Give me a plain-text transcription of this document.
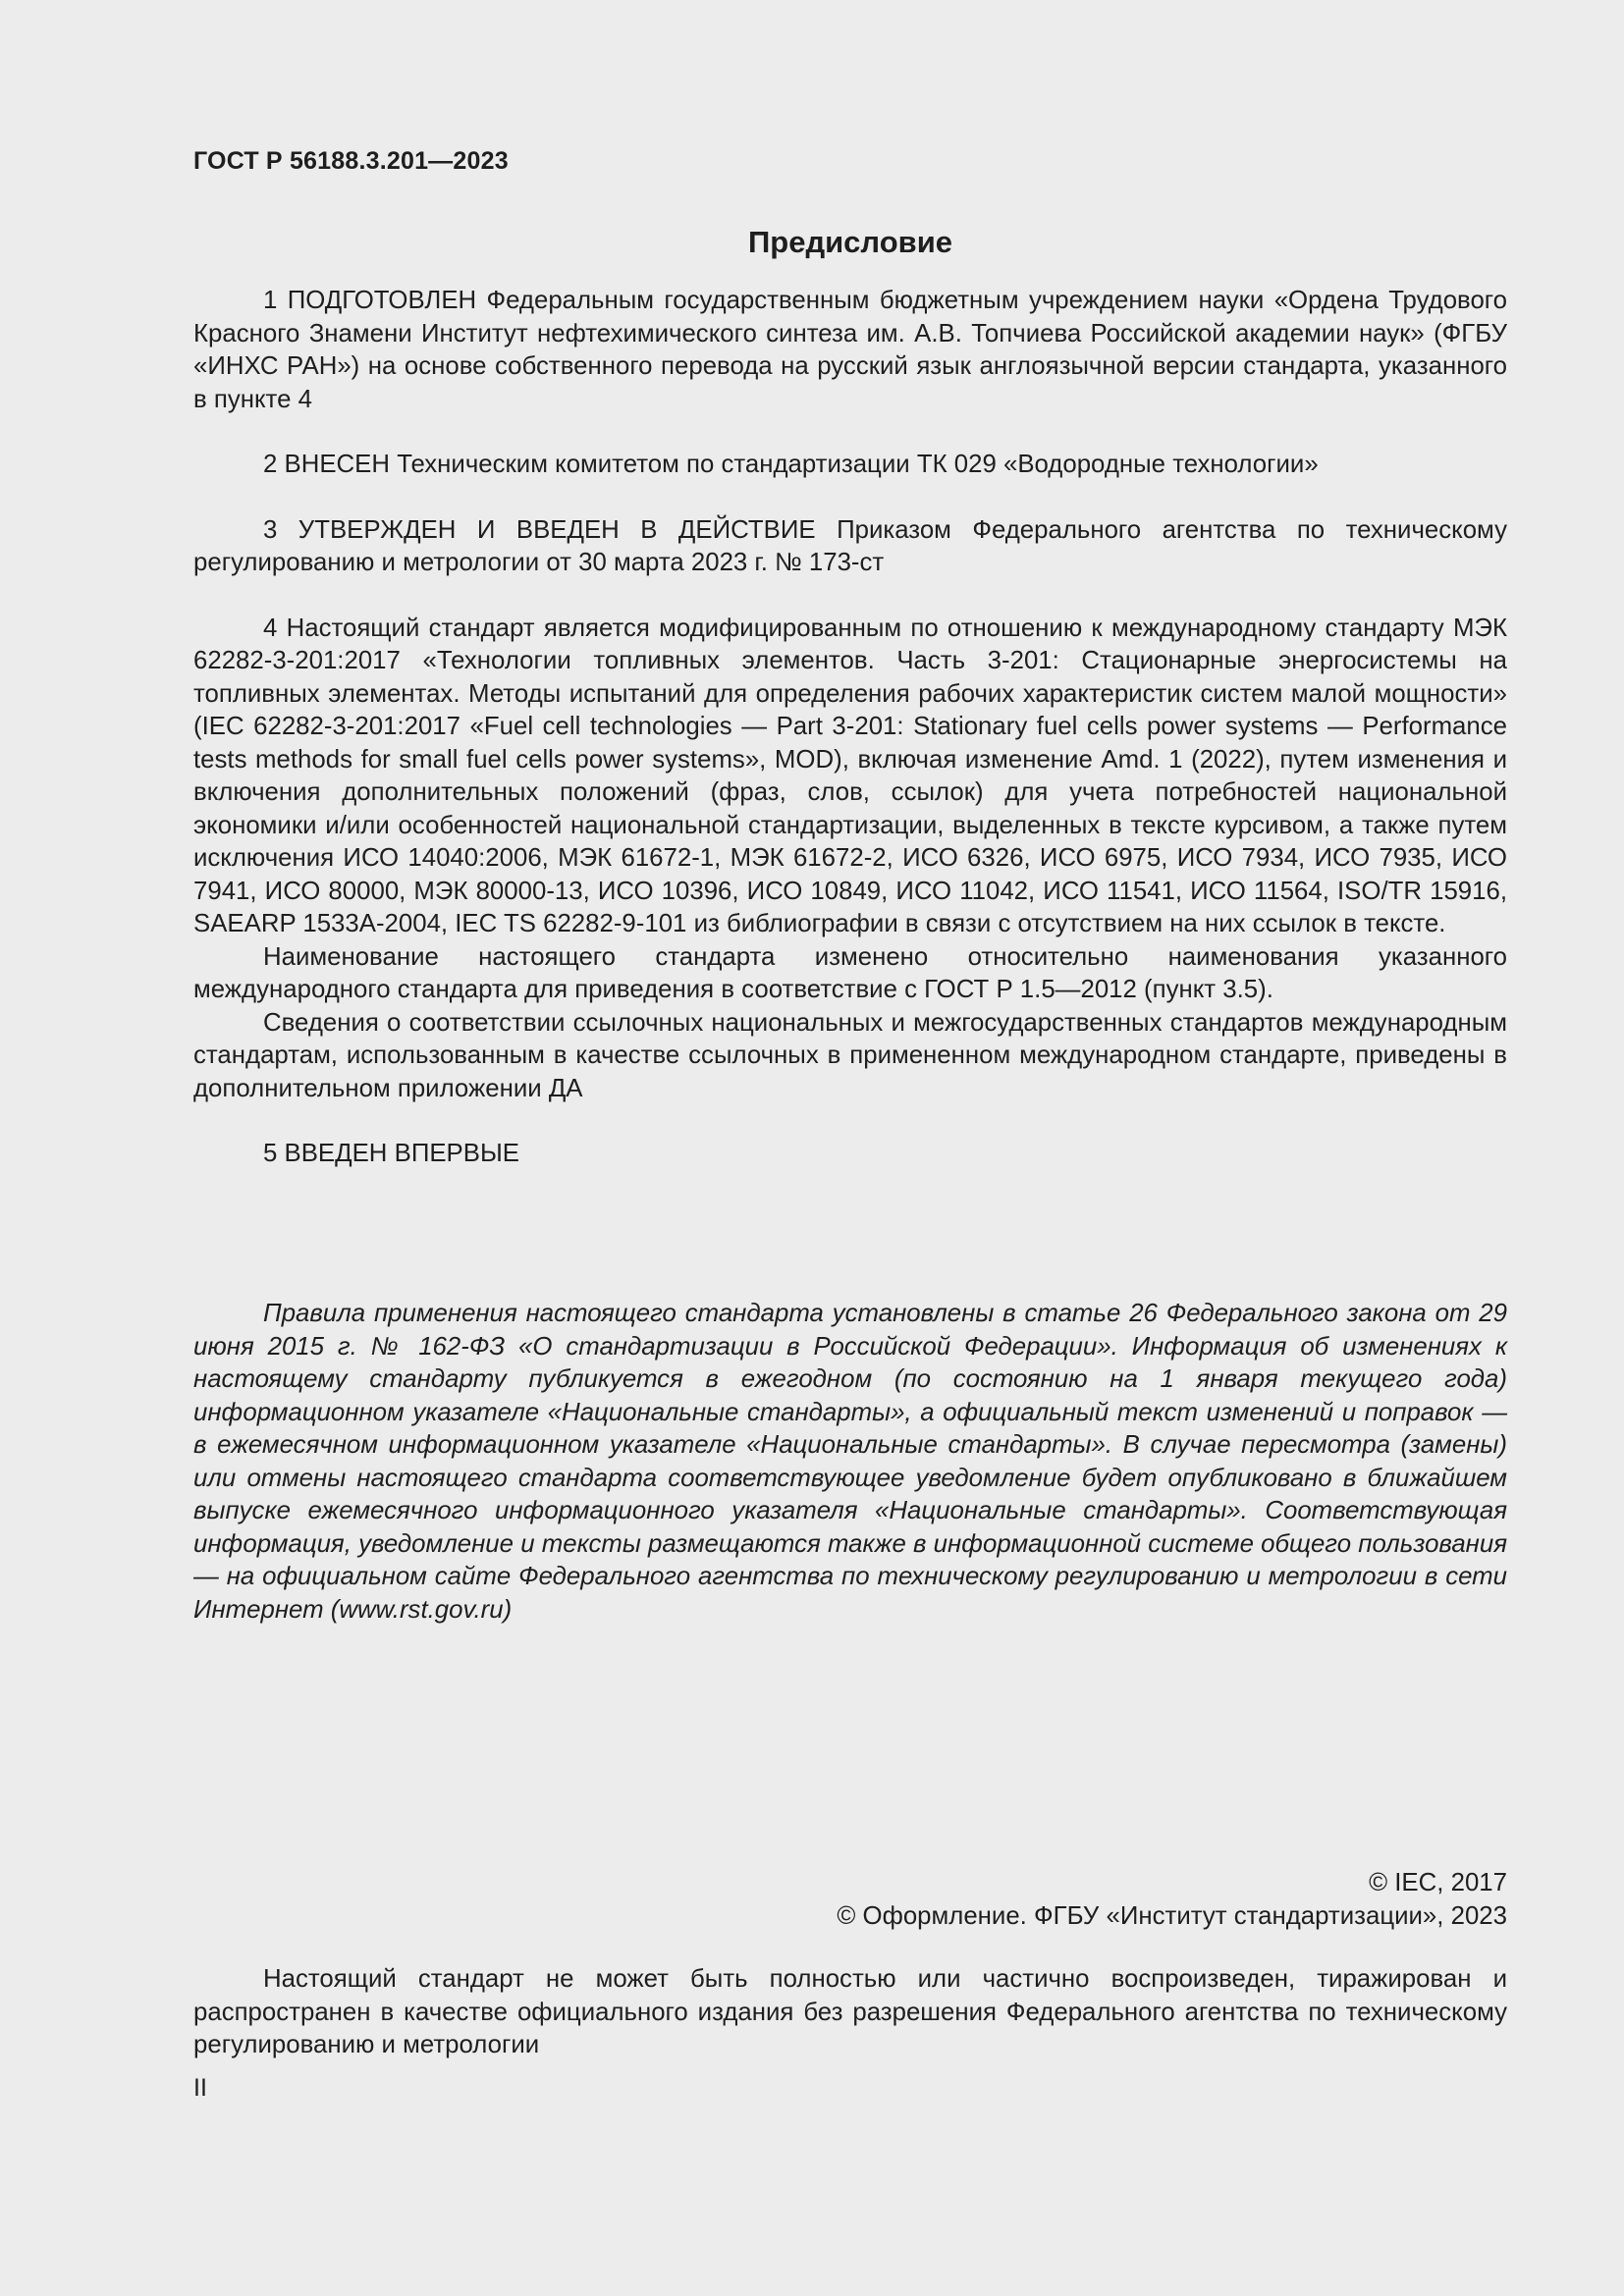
ГОСТ Р 56188.3.201—2023
Предисловие

1 ПОДГОТОВЛЕН Федеральным государственным бюджетным учреждением науки «Ордена Трудового Красного Знамени Институт нефтехимического синтеза им. А.В. Топчиева Российской академии наук» (ФГБУ «ИНХС РАН») на основе собственного перевода на русский язык англоязычной версии стандарта, указанного в пункте 4

2 ВНЕСЕН Техническим комитетом по стандартизации ТК 029 «Водородные технологии»

3 УТВЕРЖДЕН И ВВЕДЕН В ДЕЙСТВИЕ Приказом Федерального агентства по техническому регулированию и метрологии от 30 марта 2023 г. № 173-ст

4 Настоящий стандарт является модифицированным по отношению к международному стандарту МЭК 62282-3-201:2017 «Технологии топливных элементов. Часть 3-201: Стационарные энергосистемы на топливных элементах. Методы испытаний для определения рабочих характеристик систем малой мощности» (IEC 62282-3-201:2017 «Fuel cell technologies — Part 3-201: Stationary fuel cells power systems — Performance tests methods for small fuel cells power systems», MOD), включая изменение Amd. 1 (2022), путем изменения и включения дополнительных положений (фраз, слов, ссылок) для учета потребностей национальной экономики и/или особенностей национальной стандартизации, выделенных в тексте курсивом, а также путем исключения ИСО 14040:2006, МЭК 61672-1, МЭК 61672-2, ИСО 6326, ИСО 6975, ИСО 7934, ИСО 7935, ИСО 7941, ИСО 80000, МЭК 80000-13, ИСО 10396, ИСО 10849, ИСО 11042, ИСО 11541, ИСО 11564, ISO/TR 15916, SAEARP 1533A-2004, IEC TS 62282-9-101 из библиографии в связи с отсутствием на них ссылок в тексте.

Наименование настоящего стандарта изменено относительно наименования указанного международного стандарта для приведения в соответствие с ГОСТ Р 1.5—2012 (пункт 3.5).

Сведения о соответствии ссылочных национальных и межгосударственных стандартов международным стандартам, использованным в качестве ссылочных в примененном международном стандарте, приведены в дополнительном приложении ДА

5 ВВЕДЕН ВПЕРВЫЕ

Правила применения настоящего стандарта установлены в статье 26 Федерального закона от 29 июня 2015 г. № 162-ФЗ «О стандартизации в Российской Федерации». Информация об изменениях к настоящему стандарту публикуется в ежегодном (по состоянию на 1 января текущего года) информационном указателе «Национальные стандарты», а официальный текст изменений и поправок — в ежемесячном информационном указателе «Национальные стандарты». В случае пересмотра (замены) или отмены настоящего стандарта соответствующее уведомление будет опубликовано в ближайшем выпуске ежемесячного информационного указателя «Национальные стандарты». Соответствующая информация, уведомление и тексты размещаются также в информационной системе общего пользования — на официальном сайте Федерального агентства по техническому регулированию и метрологии в сети Интернет (www.rst.gov.ru)

© IEC, 2017
© Оформление. ФГБУ «Институт стандартизации», 2023

Настоящий стандарт не может быть полностью или частично воспроизведен, тиражирован и распространен в качестве официального издания без разрешения Федерального агентства по техническому регулированию и метрологии

II
